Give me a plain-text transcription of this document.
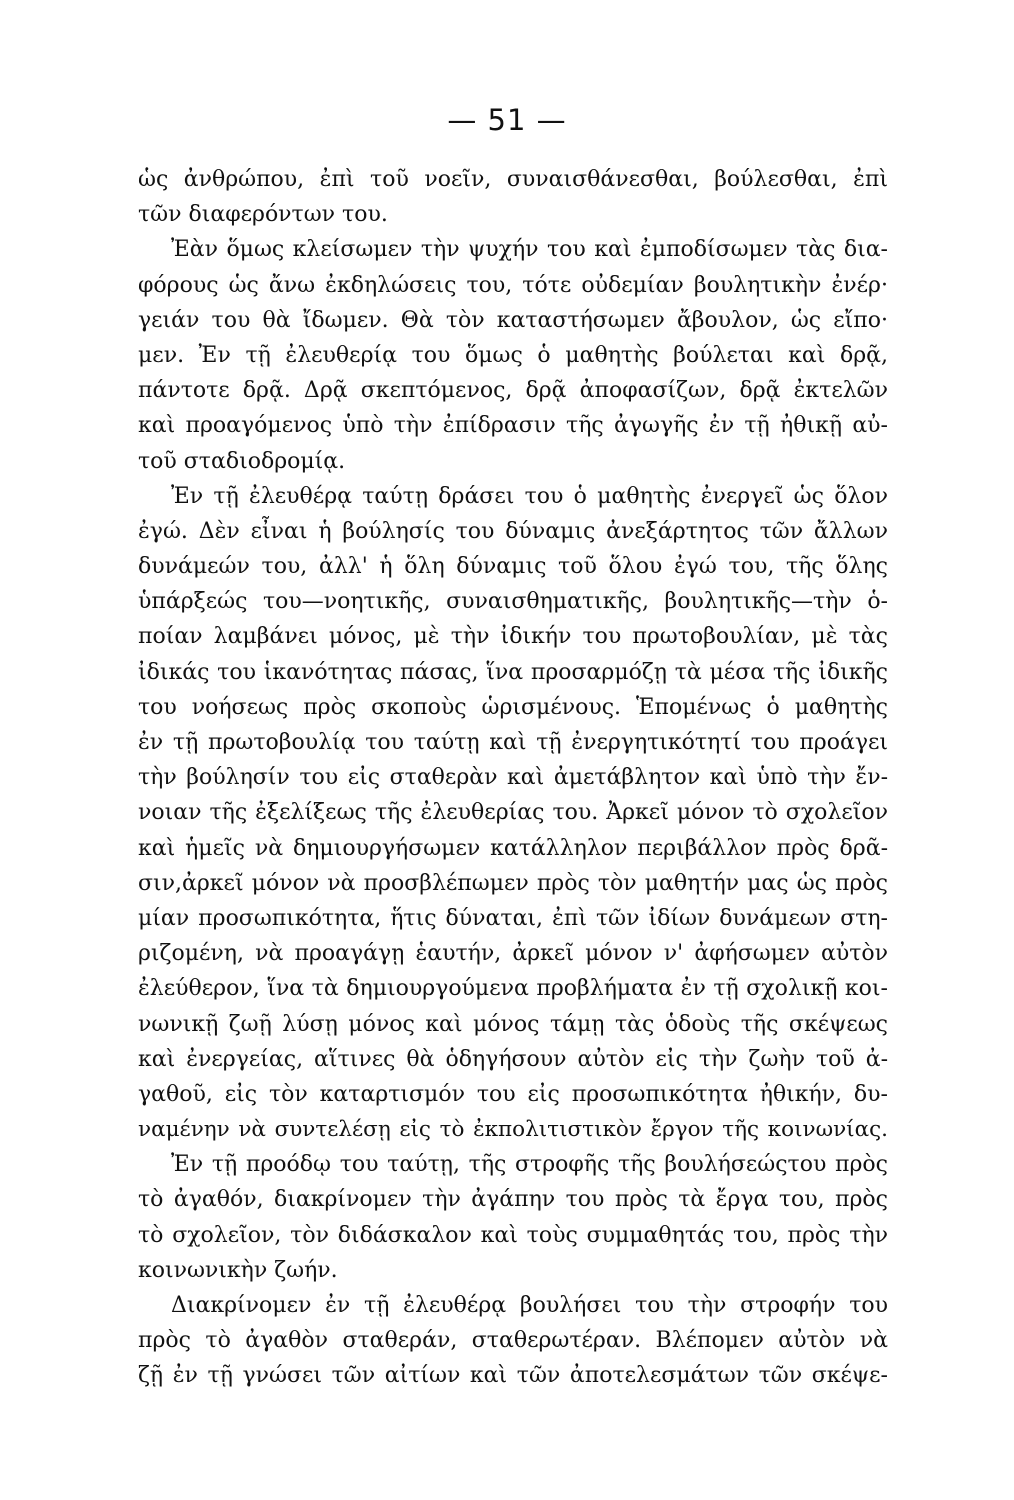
— 51 —
ὡς ἀνθρώπου, ἐπὶ τοῦ νοεῖν, συναισθάνεσθαι, βούλεσθαι, ἐπὶ
τῶν διαφερόντων του.
Ἐὰν ὅμως κλείσωμεν τὴν ψυχήν του καὶ ἐμποδίσωμεν τὰς δια-
φόρους ὡς ἄνω ἐκδηλώσεις του, τότε οὐδεμίαν βουλητικὴν ἐνέρ·
γειάν του θὰ ἴδωμεν. Θὰ τὸν καταστήσωμεν ἄβουλον, ὡς εἴπο·
μεν. Ἐν τῇ ἐλευθερίᾳ του ὅμως ὁ μαθητὴς βούλεται καὶ δρᾷ,
πάντοτε δρᾷ. Δρᾷ σκεπτόμενος, δρᾷ ἀποφασίζων, δρᾷ ἐκτελῶν
καὶ προαγόμενος ὑπὸ τὴν ἐπίδρασιν τῆς ἀγωγῆς ἐν τῇ ἠθικῇ αὐ-
τοῦ σταδιοδρομίᾳ.
Ἐν τῇ ἐλευθέρᾳ ταύτῃ δράσει του ὁ μαθητὴς ἐνεργεῖ ὡς ὅλον
ἐγώ. Δὲν εἶναι ἡ βούλησίς του δύναμις ἀνεξάρτητος τῶν ἄλλων
δυνάμεών του, ἀλλ' ἡ ὅλη δύναμις τοῦ ὅλου ἐγώ του, τῆς ὅλης
ὑπάρξεώς του—νοητικῆς, συναισθηματικῆς, βουλητικῆς—τὴν ὁ-
ποίαν λαμβάνει μόνος, μὲ τὴν ἰδικήν του πρωτοβουλίαν, μὲ τὰς
ἰδικάς του ἱκανότητας πάσας, ἵνα προσαρμόζῃ τὰ μέσα τῆς ἰδικῆς
του νοήσεως πρὸς σκοποὺς ὡρισμένους. Ἑπομένως ὁ μαθητὴς
ἐν τῇ πρωτοβουλίᾳ του ταύτῃ καὶ τῇ ἐνεργητικότητί του προάγει
τὴν βούλησίν του εἰς σταθερὰν καὶ ἀμετάβλητον καὶ ὑπὸ τὴν ἔν-
νοιαν τῆς ἐξελίξεως τῆς ἐλευθερίας του. Ἀρκεῖ μόνον τὸ σχολεῖον
καὶ ἡμεῖς νὰ δημιουργήσωμεν κατάλληλον περιβάλλον πρὸς δρᾶ-
σιν,ἀρκεῖ μόνον νὰ προσβλέπωμεν πρὸς τὸν μαθητήν μας ὡς πρὸς
μίαν προσωπικότητα, ἥτις δύναται, ἐπὶ τῶν ἰδίων δυνάμεων στη-
ριζομένη, νὰ προαγάγῃ ἑαυτήν, ἀρκεῖ μόνον ν' ἀφήσωμεν αὐτὸν
ἐλεύθερον, ἵνα τὰ δημιουργούμενα προβλήματα ἐν τῇ σχολικῇ κοι-
νωνικῇ ζωῇ λύσῃ μόνος καὶ μόνος τάμῃ τὰς ὁδοὺς τῆς σκέψεως
καὶ ἐνεργείας, αἵτινες θὰ ὁδηγήσουν αὐτὸν εἰς τὴν ζωὴν τοῦ ἀ-
γαθοῦ, εἰς τὸν καταρτισμόν του εἰς προσωπικότητα ἠθικήν, δυ-
ναμένην νὰ συντελέσῃ εἰς τὸ ἐκπολιτιστικὸν ἔργον τῆς κοινωνίας.
Ἐν τῇ προόδῳ του ταύτῃ, τῆς στροφῆς τῆς βουλήσεώςτου πρὸς
τὸ ἀγαθόν, διακρίνομεν τὴν ἀγάπην του πρὸς τὰ ἔργα του, πρὸς
τὸ σχολεῖον, τὸν διδάσκαλον καὶ τοὺς συμμαθητάς του, πρὸς τὴν
κοινωνικὴν ζωήν.
Διακρίνομεν ἐν τῇ ἐλευθέρᾳ βουλήσει του τὴν στροφήν του
πρὸς τὸ ἀγαθὸν σταθεράν, σταθερωτέραν. Βλέπομεν αὐτὸν νὰ
ζῇ ἐν τῇ γνώσει τῶν αἰτίων καὶ τῶν ἀποτελεσμάτων τῶν σκέψε-
